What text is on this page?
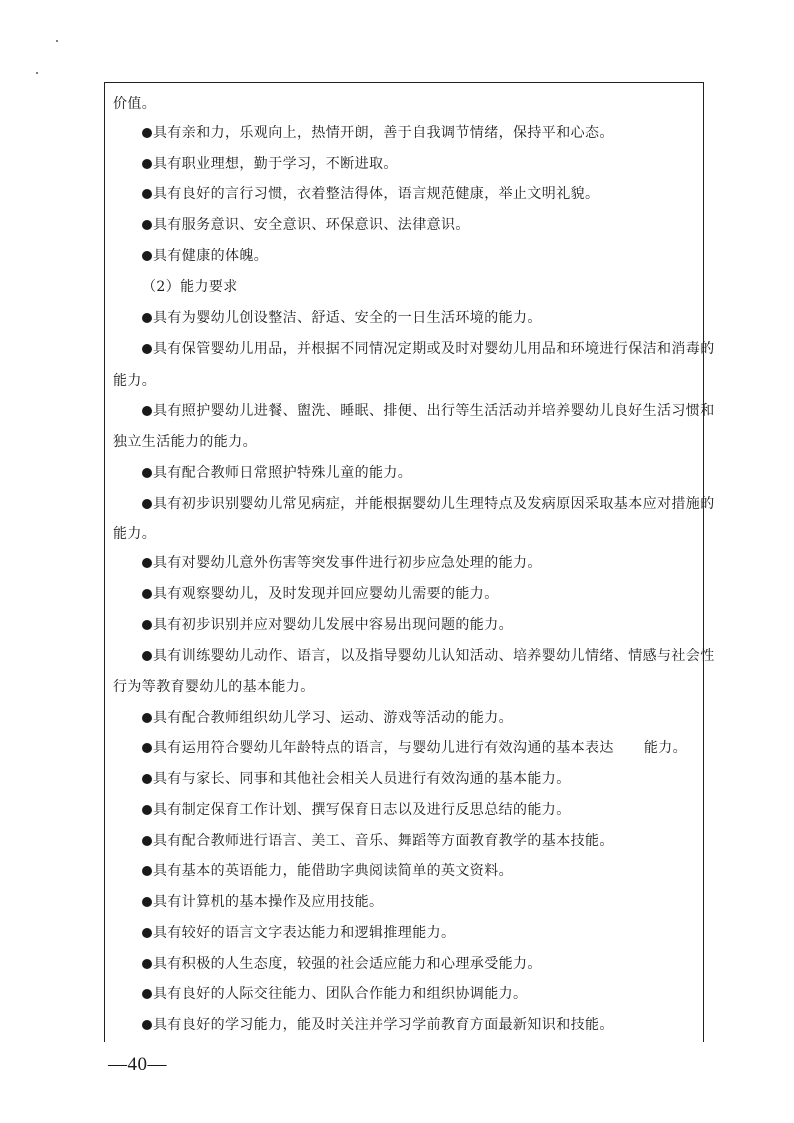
价值。
具有亲和力，乐观向上，热情开朗，善于自我调节情绪，保持平和心态。
具有职业理想，勤于学习，不断进取。
具有良好的言行习惯，衣着整洁得体，语言规范健康，举止文明礼貌。
具有服务意识、安全意识、环保意识、法律意识。
具有健康的体魄。
（2）能力要求
具有为婴幼儿创设整洁、舒适、安全的一日生活环境的能力。
具有保管婴幼儿用品，并根据不同情况定期或及时对婴幼儿用品和环境进行保洁和消毒的
能力。
具有照护婴幼儿进餐、盥洗、睡眠、排便、出行等生活活动并培养婴幼儿良好生活习惯和
独立生活能力的能力。
具有配合教师日常照护特殊儿童的能力。
具有初步识别婴幼儿常见病症，并能根据婴幼儿生理特点及发病原因采取基本应对措施的
能力。
具有对婴幼儿意外伤害等突发事件进行初步应急处理的能力。
具有观察婴幼儿，及时发现并回应婴幼儿需要的能力。
具有初步识别并应对婴幼儿发展中容易出现问题的能力。
具有训练婴幼儿动作、语言，以及指导婴幼儿认知活动、培养婴幼儿情绪、情感与社会性
行为等教育婴幼儿的基本能力。
具有配合教师组织幼儿学习、运动、游戏等活动的能力。
具有运用符合婴幼儿年龄特点的语言，与婴幼儿进行有效沟通的基本表达 能力。
具有与家长、同事和其他社会相关人员进行有效沟通的基本能力。
具有制定保育工作计划、撰写保育日志以及进行反思总结的能力。
具有配合教师进行语言、美工、音乐、舞蹈等方面教育教学的基本技能。
具有基本的英语能力，能借助字典阅读简单的英文资料。
具有计算机的基本操作及应用技能。
具有较好的语言文字表达能力和逻辑推理能力。
具有积极的人生态度，较强的社会适应能力和心理承受能力。
具有良好的人际交往能力、团队合作能力和组织协调能力。
具有良好的学习能力，能及时关注并学习学前教育方面最新知识和技能。
—40—
